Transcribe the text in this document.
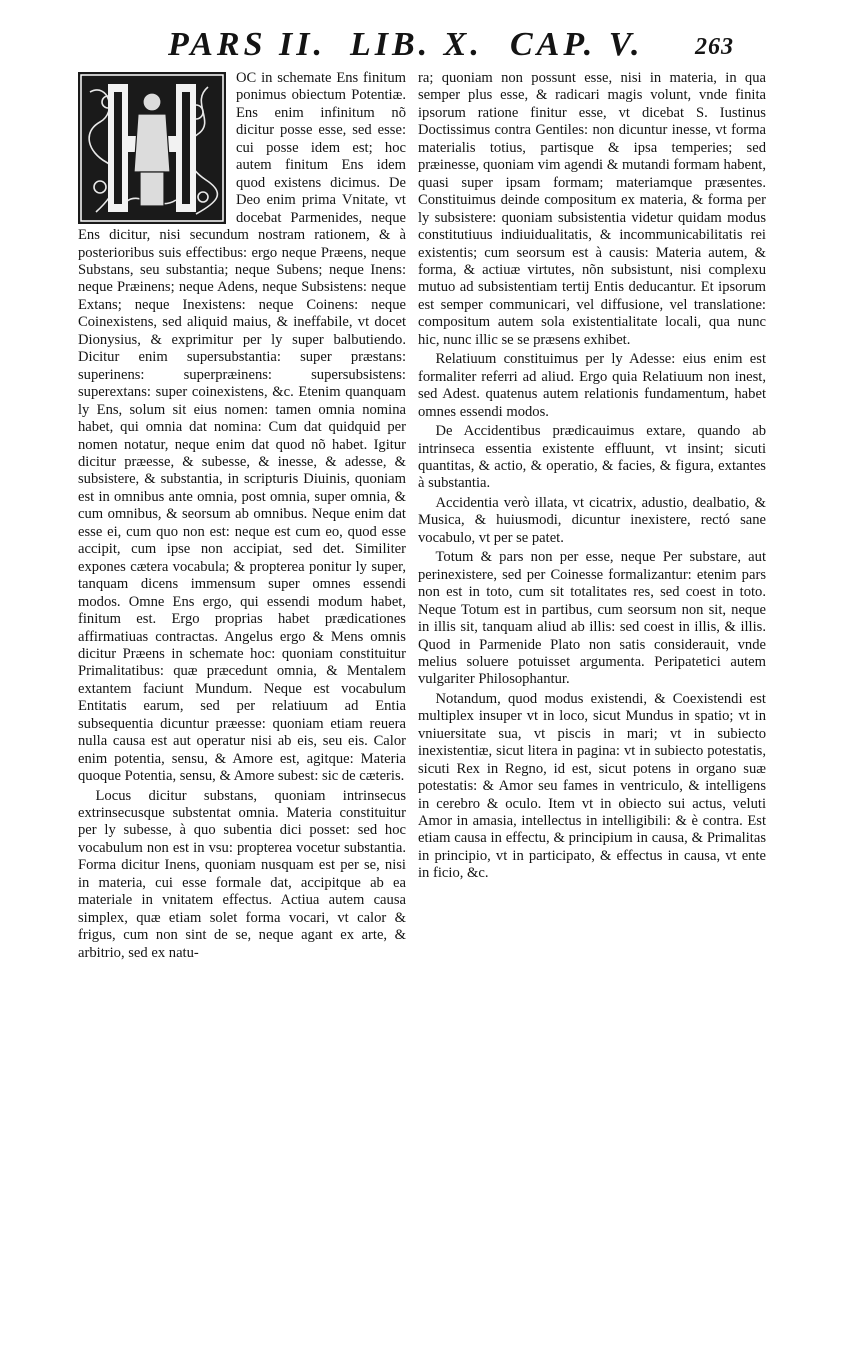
PARS II. LIB. X. CAP. V. 263

OC in schemate Ens finitum ponimus obiectum Potentiæ. Ens enim infinitum nõ dicitur posse esse, sed esse: cui posse idem est; hoc autem finitum Ens idem quod existens dicimus. De Deo enim prima Vnitate, vt docebat Parmenides, neque Ens dicitur, nisi secundum nostram rationem, & à posterioribus suis effectibus: ergo neque Præens, neque Substans, seu substantia; neque Subens; neque Inens: neque Præinens; neque Adens, neque Subsistens: neque Extans; neque Inexistens: neque Coinens: neque Coinexistens, sed aliquid maius, & ineffabile, vt docet Dionysius, & exprimitur per ly super balbutiendo. Dicitur enim supersubstantia: super præstans: superinens: superpræinens: supersubsistens: superextans: super coinexistens, &c. Etenim quanquam ly Ens, solum sit eius nomen: tamen omnia nomina habet, qui omnia dat nomina: Cum dat quidquid per nomen notatur, neque enim dat quod nõ habet. Igitur dicitur præesse, & subesse, & inesse, & adesse, & subsistere, & substantia, in scripturis Diuinis, quoniam est in omnibus ante omnia, post omnia, super omnia, & cum omnibus, & seorsum ab omnibus. Neque enim dat esse ei, cum quo non est: neque est cum eo, quod esse accipit, cum ipse non accipiat, sed det. Similiter expones cætera vocabula; & propterea ponitur ly super, tanquam dicens immensum super omnes essendi modos. Omne Ens ergo, qui essendi modum habet, finitum est. Ergo proprias habet prædicationes affirmatiuas contractas. Angelus ergo & Mens omnis dicitur Præens in schemate hoc: quoniam constituitur Primalitatibus: quæ præcedunt omnia, & Mentalem extantem faciunt Mundum. Neque est vocabulum Entitatis earum, sed per relatiuum ad Entia subsequentia dicuntur præesse: quoniam etiam reuera nulla causa est aut operatur nisi ab eis, seu eis. Calor enim potentia, sensu, & Amore est, agitque: Materia quoque Potentia, sensu, & Amore subest: sic de cæteris.

Locus dicitur substans, quoniam intrinsecus extrinsecusque substentat omnia. Materia constituitur per ly subesse, à quo subentia dici posset: sed hoc vocabulum non est in vsu: propterea vocetur substantia. Forma dicitur Inens, quoniam nusquam est per se, nisi in materia, cui esse formale dat, accipitque ab ea materiale in vnitatem effectus. Actiua autem causa simplex, quæ etiam solet forma vocari, vt calor & frigus, cum non sint de se, neque agant ex arte, & arbitrio, sed ex natu-

ra; quoniam non possunt esse, nisi in materia, in qua semper plus esse, & radicari magis volunt, vnde finita ipsorum ratione finitur esse, vt dicebat S. Iustinus Doctissimus contra Gentiles: non dicuntur inesse, vt forma materialis totius, partisque & ipsa temperies; sed præinesse, quoniam vim agendi & mutandi formam habent, quasi super ipsam formam; materiamque præsentes. Constituimus deinde compositum ex materia, & forma per ly subsistere: quoniam subsistentia videtur quidam modus constitutiuus indiuidualitatis, & incommunicabilitatis rei existentis; cum seorsum est à causis: Materia autem, & forma, & actiuæ virtutes, nõn subsistunt, nisi complexu mutuo ad subsistentiam tertij Entis deducantur. Et ipsorum est semper communicari, vel diffusione, vel translatione: compositum autem sola existentialitate locali, qua nunc hic, nunc illic se se præsens exhibet.

Relatiuum constituimus per ly Adesse: eius enim est formaliter referri ad aliud. Ergo quia Relatiuum non inest, sed Adest. quatenus autem relationis fundamentum, habet omnes essendi modos.

De Accidentibus prædicauimus extare, quando ab intrinseca essentia existente effluunt, vt insint; sicuti quantitas, & actio, & operatio, & facies, & figura, extantes à substantia.

Accidentia verò illata, vt cicatrix, adustio, dealbatio, & Musica, & huiusmodi, dicuntur inexistere, rectó sane vocabulo, vt per se patet.

Totum & pars non per esse, neque Per substare, aut perinexistere, sed per Coinesse formalizantur: etenim pars non est in toto, cum sit totalitates res, sed coest in toto. Neque Totum est in partibus, cum seorsum non sit, neque in illis sit, tanquam aliud ab illis: sed coest in illis, & illis. Quod in Parmenide Plato non satis considerauit, vnde melius soluere potuisset argumenta. Peripatetici autem vulgariter Philosophantur.

Notandum, quod modus existendi, & Coexistendi est multiplex insuper vt in loco, sicut Mundus in spatio; vt in vniuersitate sua, vt piscis in mari; vt in subiecto inexistentiæ, sicut litera in pagina: vt in subiecto potestatis, sicuti Rex in Regno, id est, sicut potens in organo suæ potestatis: & Amor seu fames in ventriculo, & intelligens in cerebro & oculo. Item vt in obiecto sui actus, veluti Amor in amasia, intellectus in intelligibili: & è contra. Est etiam causa in effectu, & principium in causa, & Primalitas in principio, vt in participato, & effectus in causa, vt ente in ficio, &c.
